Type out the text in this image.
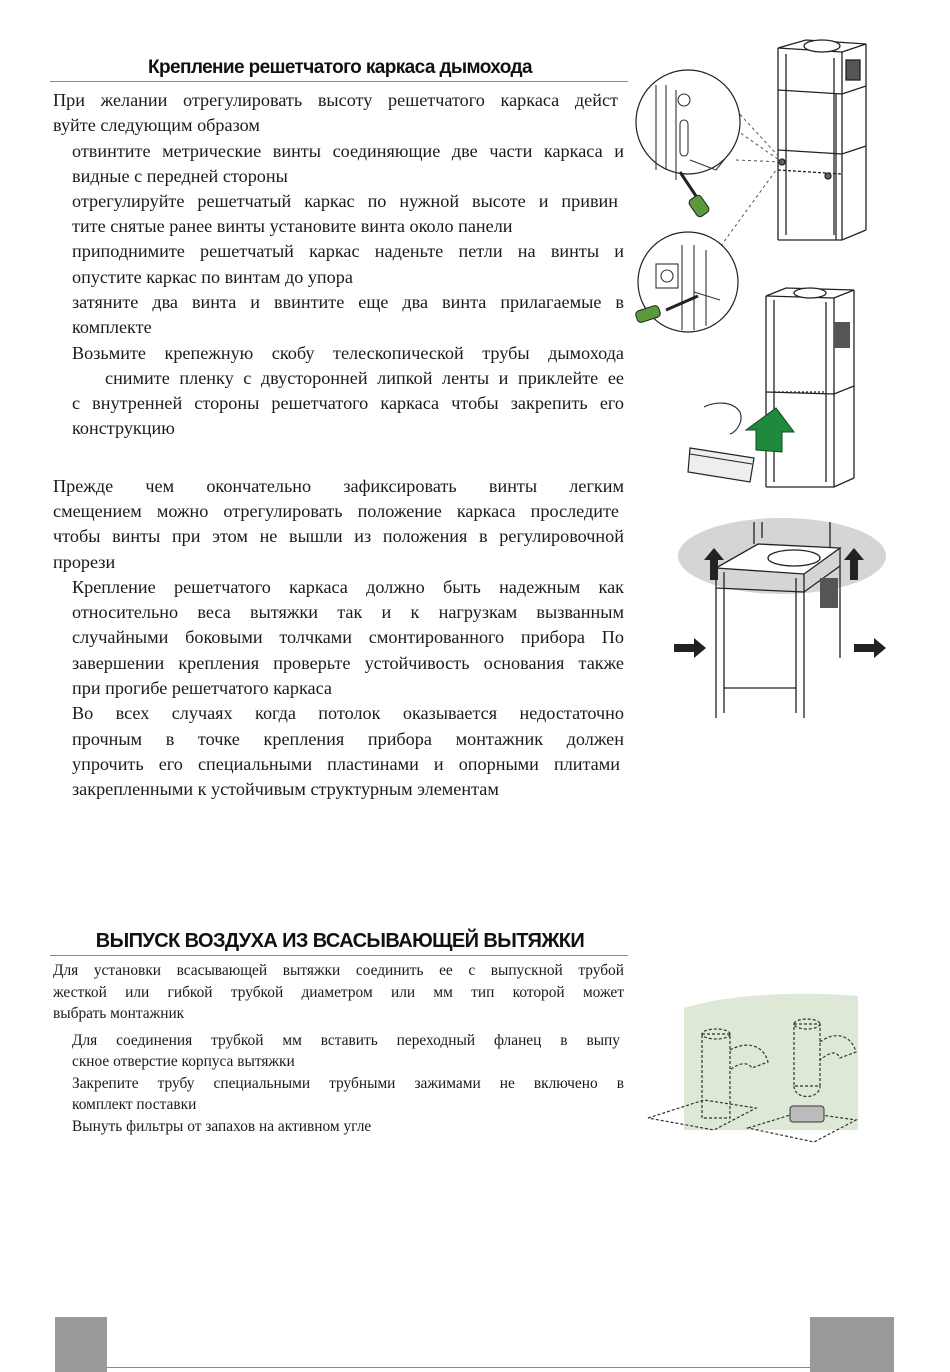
Крепление решетчатого каркаса дымохода
При желании отрегулировать высоту решетчатого каркаса дейст
вуйте следующим образом
отвинтите метрические винты соединяющие две части каркаса и
видные с передней стороны
отрегулируйте решетчатый каркас по нужной высоте и привин
тите снятые ранее винты установите винта около панели
приподнимите решетчатый каркас наденьте петли на винты и
опустите каркас по винтам до упора
затяните два винта и ввинтите еще два винта прилагаемые в
комплекте
Возьмите крепежную скобу телескопической трубы дымохода
снимите пленку с двусторонней липкой ленты и приклейте ее
с внутренней стороны решетчатого каркаса чтобы закрепить его
конструкцию
Прежде чем окончательно зафиксировать винты легким
смещением можно отрегулировать положение каркаса проследите
чтобы винты при этом не вышли из положения в регулировочной
прорези
Крепление решетчатого каркаса должно быть надежным как
относительно веса вытяжки так и к нагрузкам вызванным
случайными боковыми толчками смонтированного прибора По
завершении крепления проверьте устойчивость основания также
при прогибе решетчатого каркаса
Во всех случаях когда потолок оказывается недостаточно
прочным в точке крепления прибора монтажник должен
упрочить его специальными пластинами и опорными плитами
закрепленными к устойчивым структурным элементам
ВЫПУСК ВОЗДУХА ИЗ ВСАСЫВАЮЩЕЙ ВЫТЯЖКИ
Для установки всасывающей вытяжки соединить ее с выпускной трубой
жесткой или гибкой трубкой диаметром или мм тип которой может
выбрать монтажник
Для соединения трубкой мм вставить переходный фланец в выпу
скное отверстие корпуса вытяжки
Закрепите трубу специальными трубными зажимами не включено в
комплект поставки
Вынуть фильтры от запахов на активном угле
